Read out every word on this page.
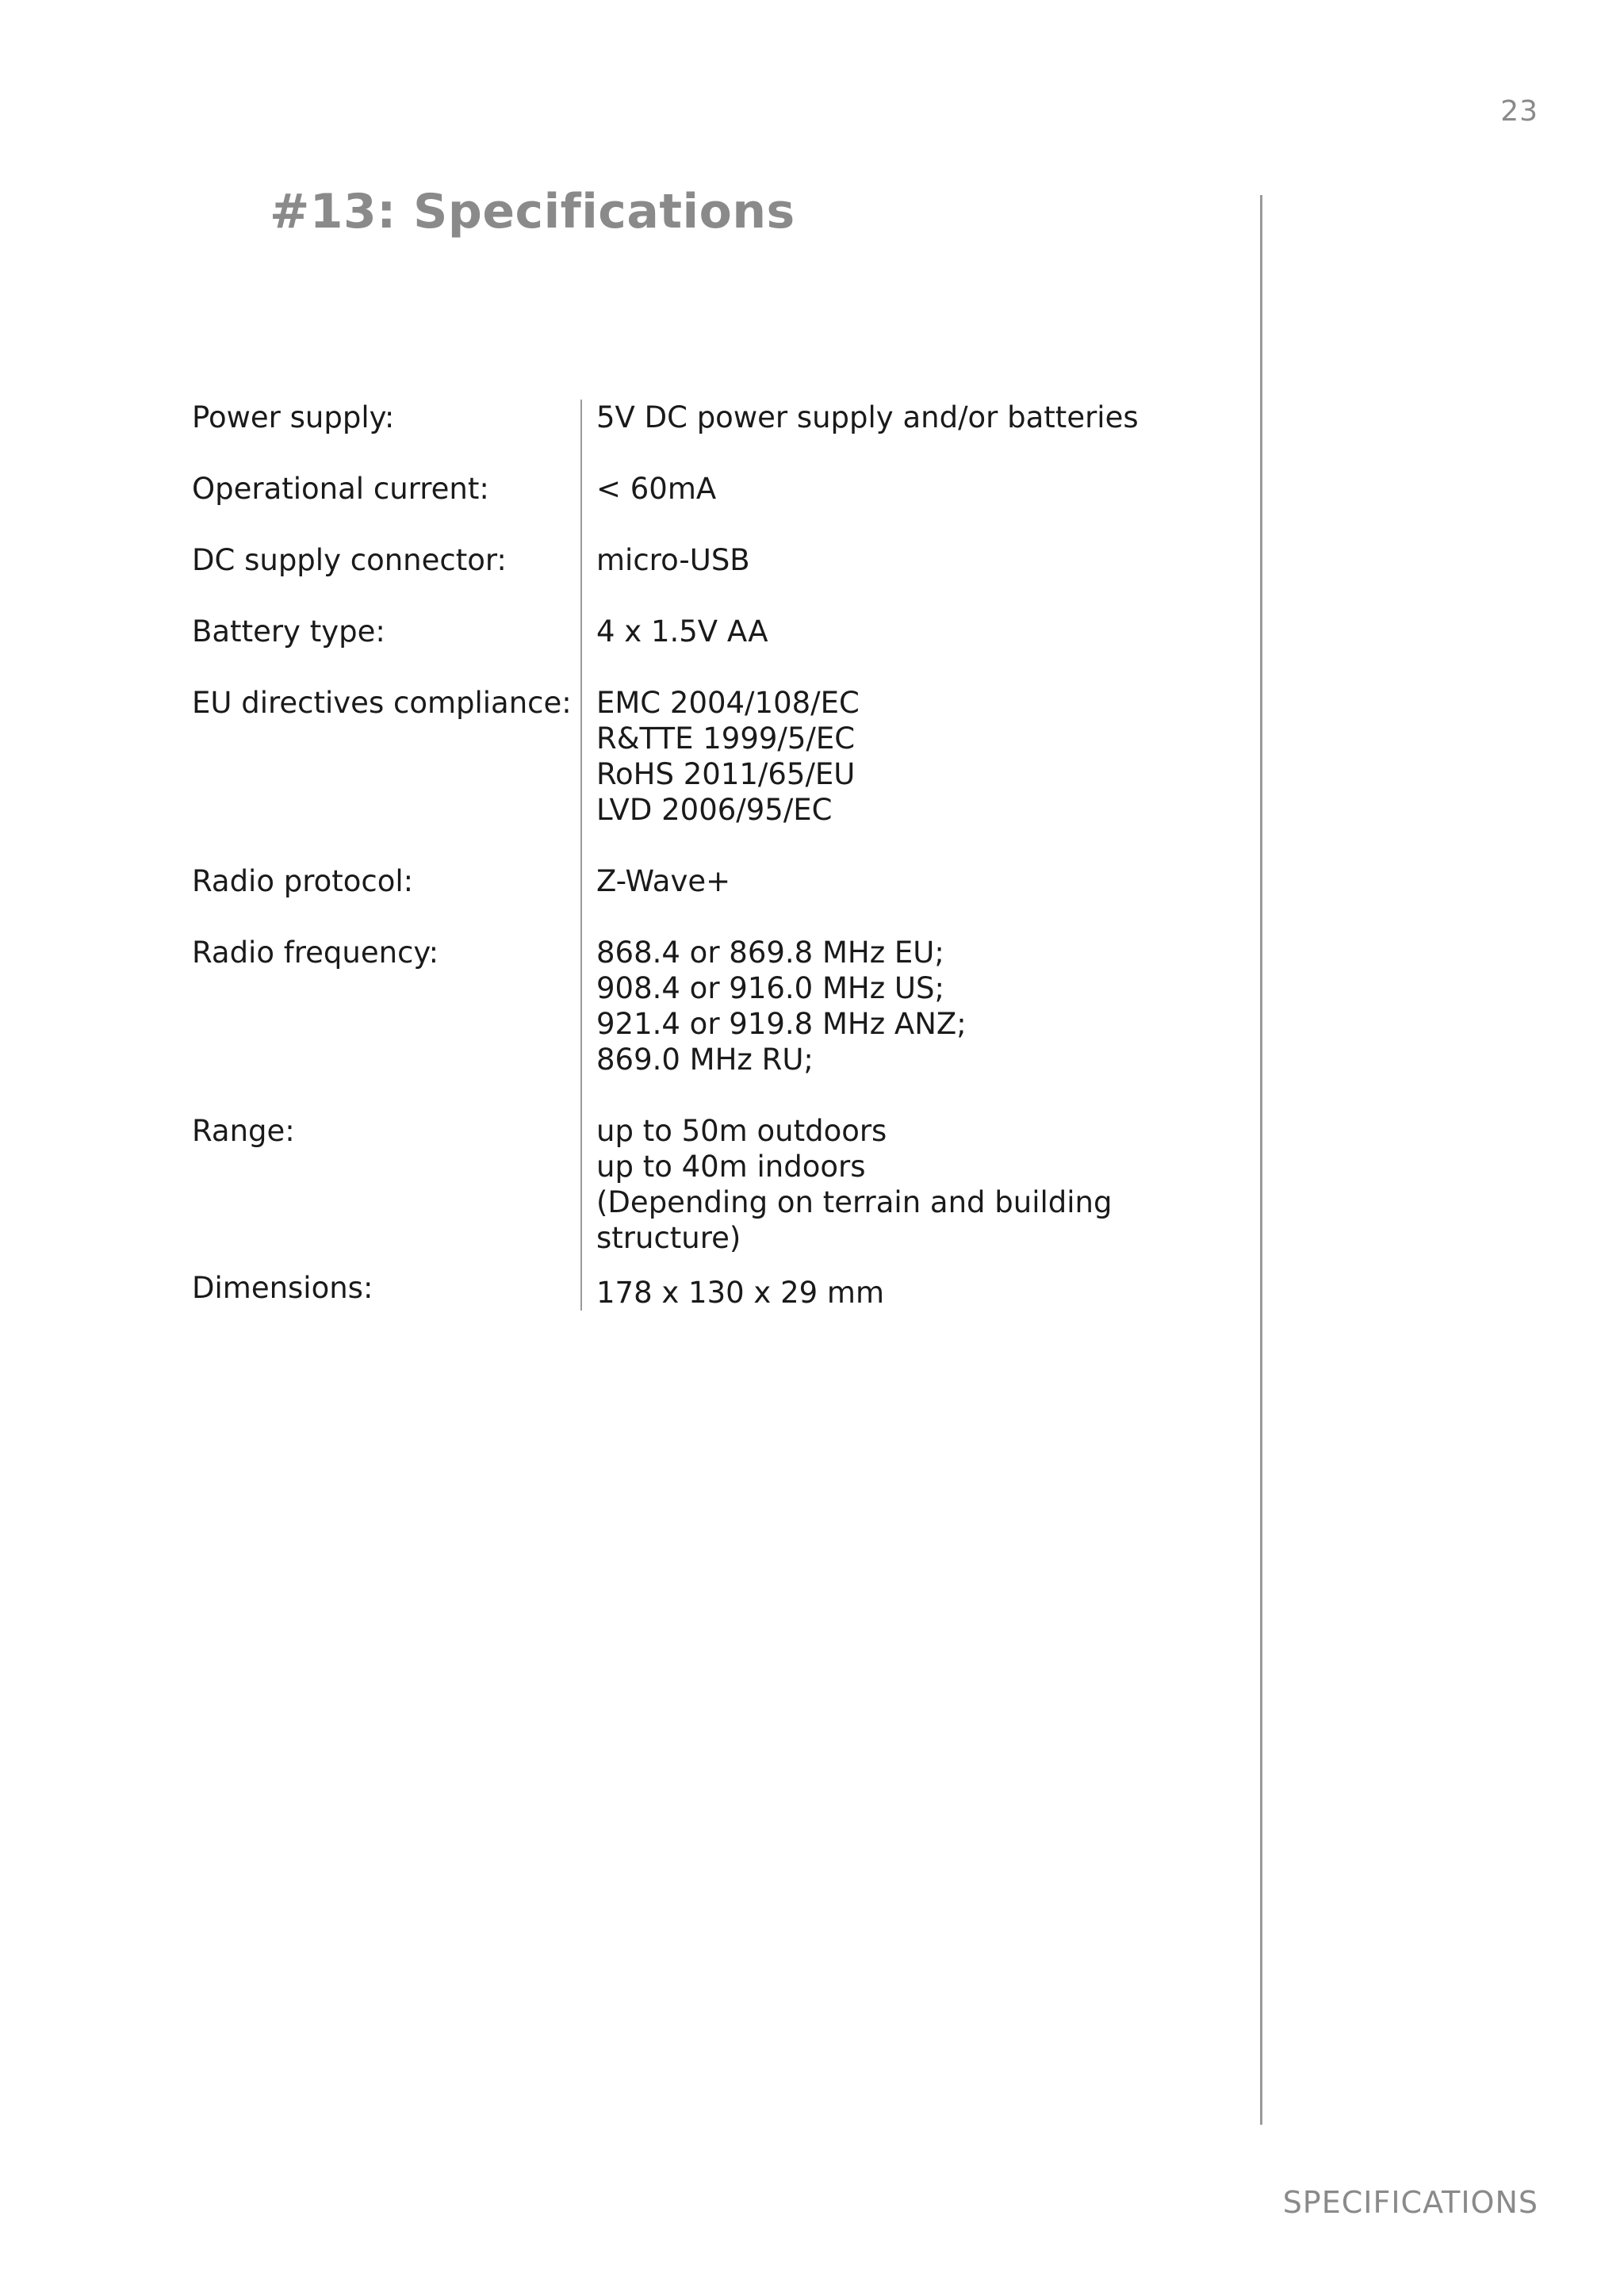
23
#13: Specifications
Power supply:	5V DC power supply and/or batteries
Operational current:	< 60mA
DC supply connector:	micro-USB
Battery type:	4 x 1.5V AA
EU directives compliance: EMC 2004/108/EC
R&TTE 1999/5/EC
RoHS 2011/65/EU
LVD 2006/95/EC
Radio protocol:	Z-Wave+
Radio frequency:	868.4 or 869.8 MHz EU;
908.4 or 916.0 MHz US;
921.4 or 919.8 MHz ANZ;
869.0 MHz RU;
Range:	up to 50m outdoors
up to 40m indoors
(Depending on terrain and building
structure)
Dimensions:	178 x 130 x 29 mm
SPECIFICATIONS
